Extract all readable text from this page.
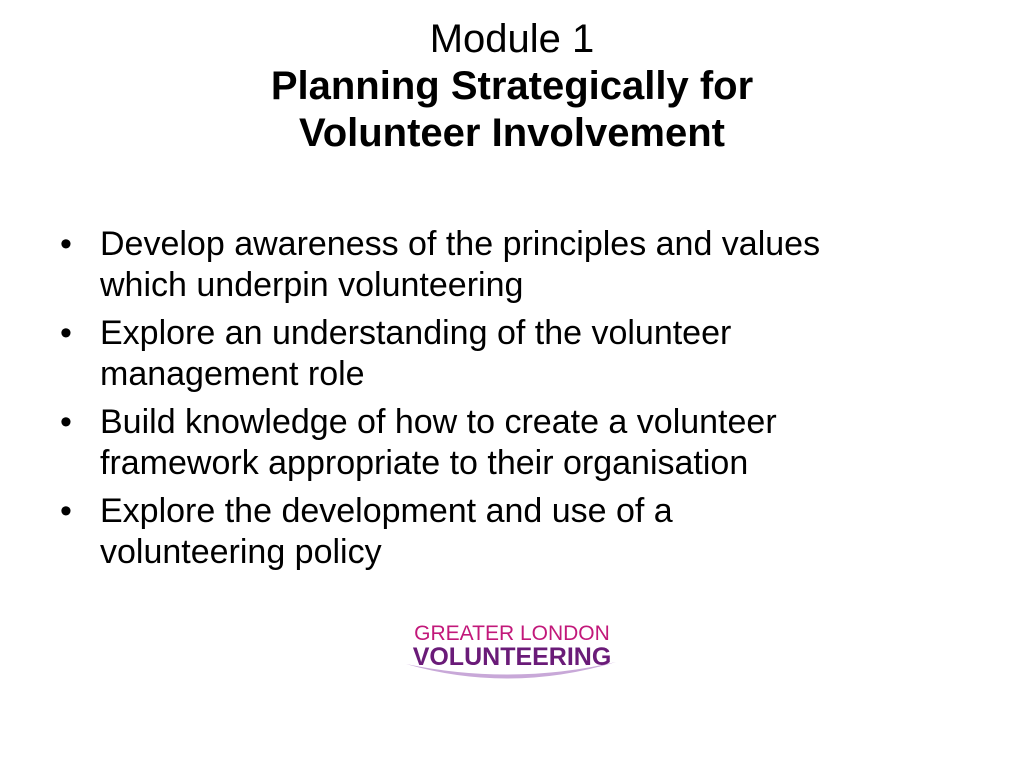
Module 1
Planning Strategically for
Volunteer Involvement
• Develop awareness of the principles and values
which underpin volunteering
• Explore an understanding of the volunteer
management role
• Build knowledge of how to create a volunteer
framework appropriate to their organisation
• Explore the development and use of a
volunteering policy
GREATER LONDON
VOLUNTEERING
